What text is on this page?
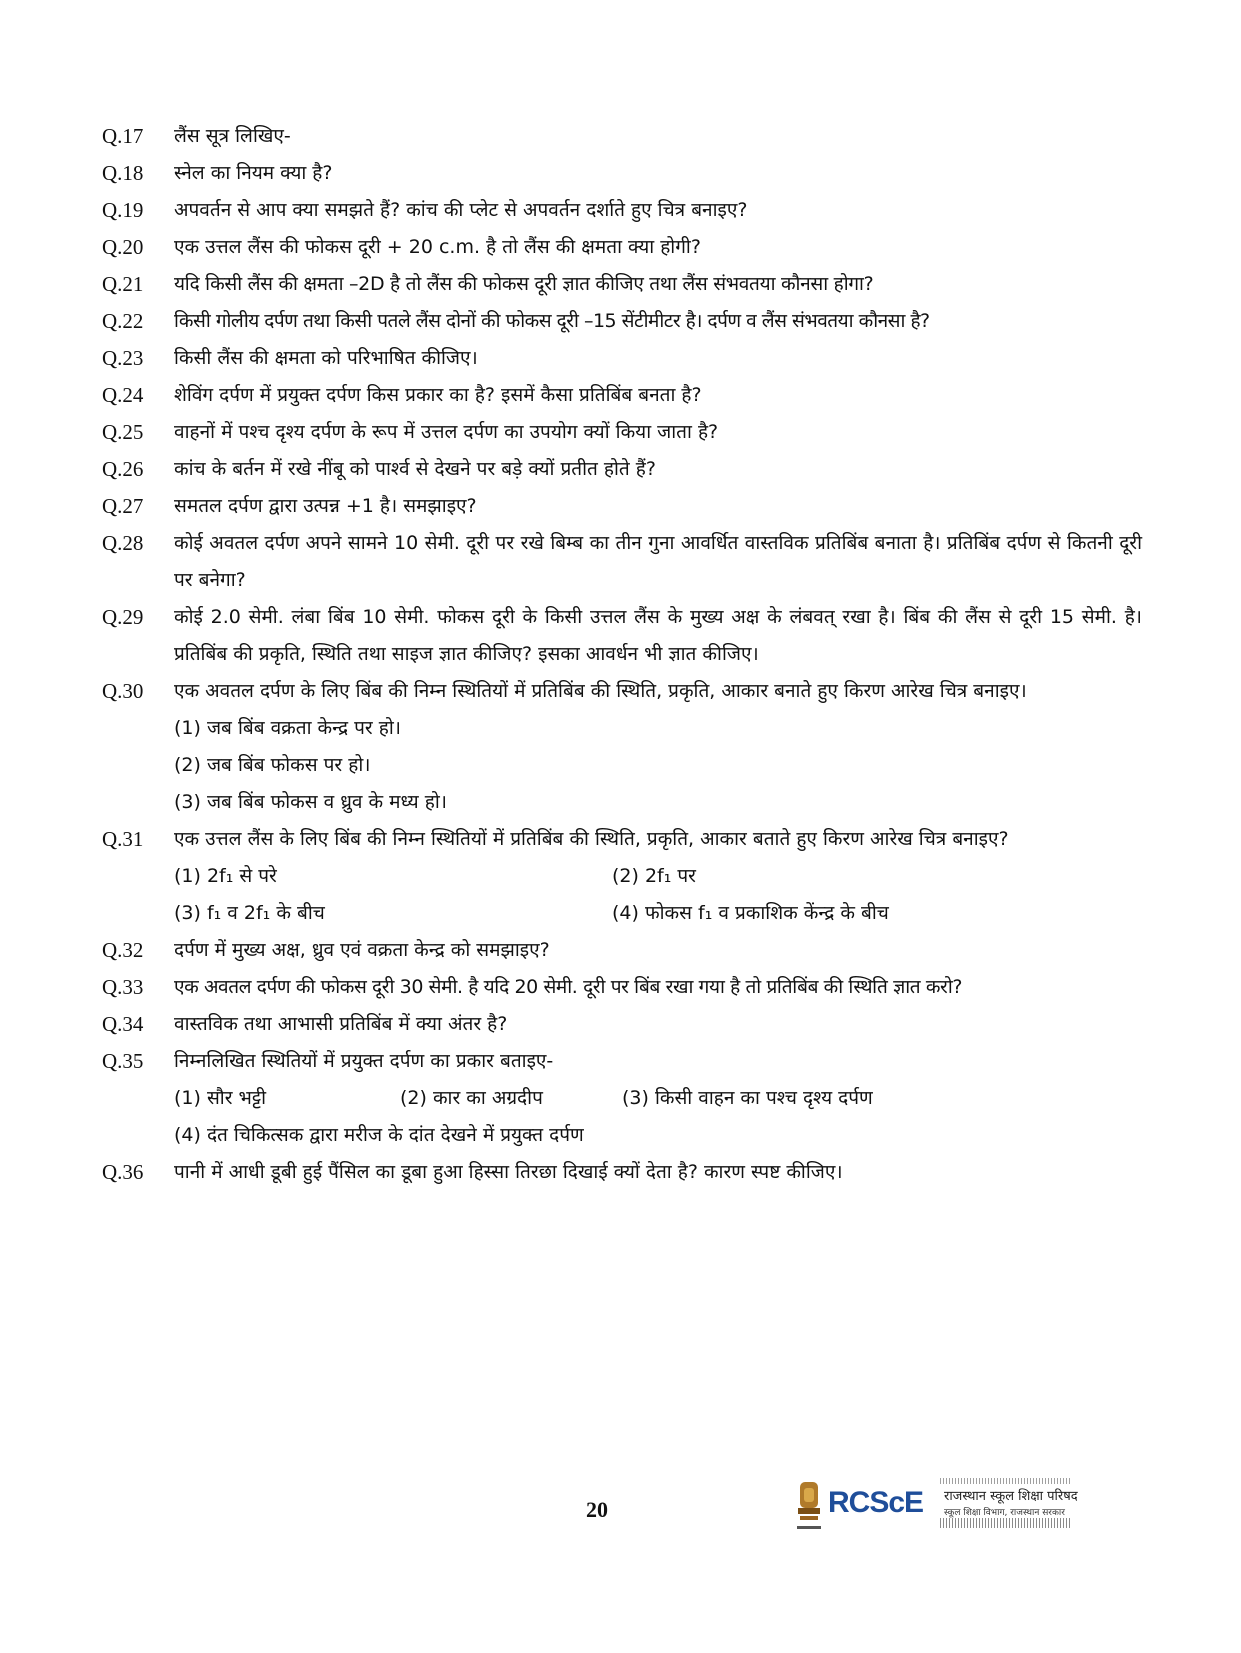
Q.17	लैंस सूत्र लिखिए-
Q.18	स्नेल का नियम क्या है?
Q.19	अपवर्तन से आप क्या समझते हैं? कांच की प्लेट से अपवर्तन दर्शाते हुए चित्र बनाइए?
Q.20	एक उत्तल लैंस की फोकस दूरी + 20 c.m. है तो लैंस की क्षमता क्या होगी?
Q.21	यदि किसी लैंस की क्षमता –2D है तो लैंस की फोकस दूरी ज्ञात कीजिए तथा लैंस संभवतया कौनसा होगा?
Q.22	किसी गोलीय दर्पण तथा किसी पतले लैंस दोनों की फोकस दूरी –15 सेंटीमीटर है। दर्पण व लैंस संभवतया कौनसा है?
Q.23	किसी लैंस की क्षमता को परिभाषित कीजिए।
Q.24	शेविंग दर्पण में प्रयुक्त दर्पण किस प्रकार का है? इसमें कैसा प्रतिबिंब बनता है?
Q.25	वाहनों में पश्च दृश्य दर्पण के रूप में उत्तल दर्पण का उपयोग क्यों किया जाता है?
Q.26	कांच के बर्तन में रखे नींबू को पार्श्व से देखने पर बड़े क्यों प्रतीत होते हैं?
Q.27	समतल दर्पण द्वारा उत्पन्न +1 है। समझाइए?
Q.28	कोई अवतल दर्पण अपने सामने 10 सेमी. दूरी पर रखे बिम्ब का तीन गुना आवर्धित वास्तविक प्रतिबिंब बनाता है। प्रतिबिंब दर्पण से कितनी दूरी पर बनेगा?
Q.29	कोई 2.0 सेमी. लंबा बिंब 10 सेमी. फोकस दूरी के किसी उत्तल लैंस के मुख्य अक्ष के लंबवत् रखा है। बिंब की लैंस से दूरी 15 सेमी. है। प्रतिबिंब की प्रकृति, स्थिति तथा साइज ज्ञात कीजिए? इसका आवर्धन भी ज्ञात कीजिए।
Q.30	एक अवतल दर्पण के लिए बिंब की निम्न स्थितियों में प्रतिबिंब की स्थिति, प्रकृति, आकार बनाते हुए किरण आरेख चित्र बनाइए।
(1) जब बिंब वक्रता केन्द्र पर हो।
(2) जब बिंब फोकस पर हो।
(3) जब बिंब फोकस व ध्रुव के मध्य हो।
Q.31	एक उत्तल लैंस के लिए बिंब की निम्न स्थितियों में प्रतिबिंब की स्थिति, प्रकृति, आकार बताते हुए किरण आरेख चित्र बनाइए?
(1) 2f₁ से परे	(2) 2f₁ पर
(3) f₁ व 2f₁ के बीच	(4) फोकस f₁ व प्रकाशिक केंन्द्र के बीच
Q.32	दर्पण में मुख्य अक्ष, ध्रुव एवं वक्रता केन्द्र को समझाइए?
Q.33	एक अवतल दर्पण की फोकस दूरी 30 सेमी. है यदि 20 सेमी. दूरी पर बिंब रखा गया है तो प्रतिबिंब की स्थिति ज्ञात करो?
Q.34	वास्तविक तथा आभासी प्रतिबिंब में क्या अंतर है?
Q.35	निम्नलिखित स्थितियों में प्रयुक्त दर्पण का प्रकार बताइए-
(1) सौर भट्टी	(2) कार का अग्रदीप	(3) किसी वाहन का पश्च दृश्य दर्पण
(4) दंत चिकित्सक द्वारा मरीज के दांत देखने में प्रयुक्त दर्पण
Q.36	पानी में आधी डूबी हुई पैंसिल का डूबा हुआ हिस्सा तिरछा दिखाई क्यों देता है? कारण स्पष्ट कीजिए।
20	RCScE राजस्थान स्कूल शिक्षा परिषद
स्कूल शिक्षा विभाग, राजस्थान सरकार
